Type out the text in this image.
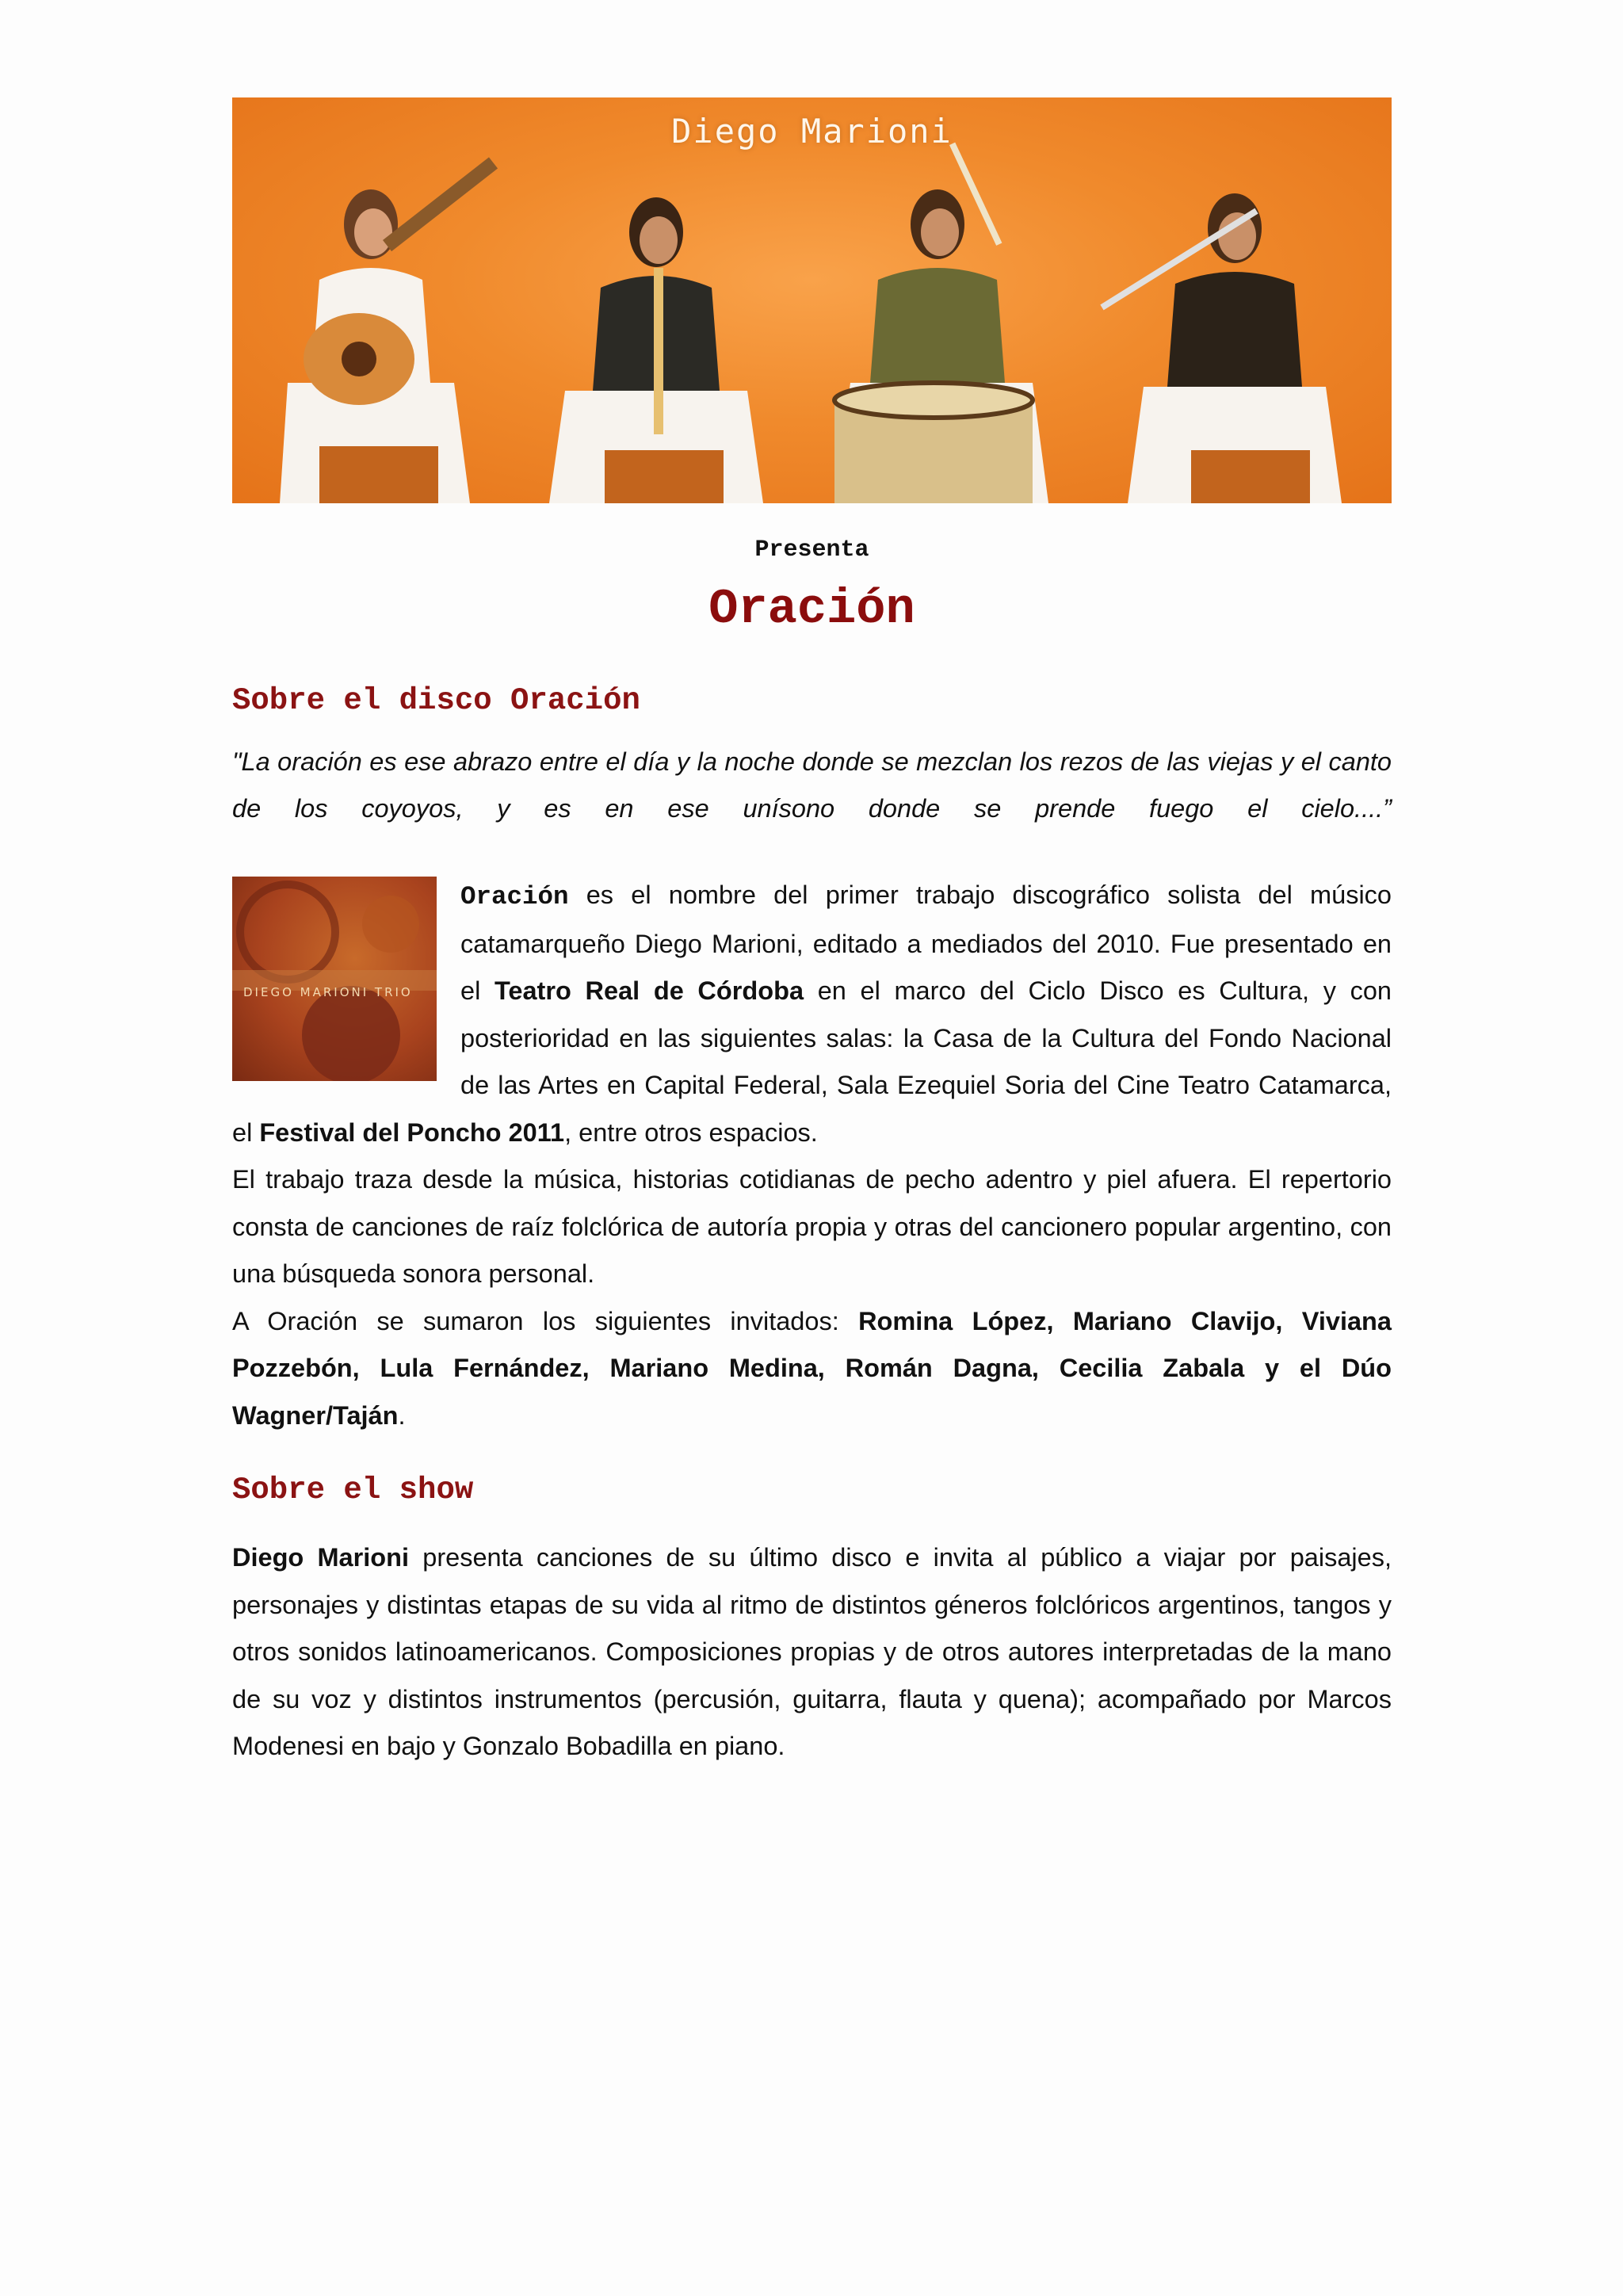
Diego Marioni
Presenta
Oración
Sobre el disco Oración
"La oración es ese abrazo entre el día y la noche donde se mezclan los rezos de las viejas y el canto de los coyoyos, y es en ese unísono donde se prende fuego el cielo....”
DIEGO MARIONI TRIO
Oración es el nombre del primer trabajo discográfico solista del músico catamarqueño Diego Marioni, editado a mediados del 2010. Fue presentado en el Teatro Real de Córdoba en el marco del Ciclo Disco es Cultura, y con posterioridad en las siguientes salas: la Casa de la Cultura del Fondo Nacional de las Artes en Capital Federal, Sala Ezequiel Soria del Cine Teatro Catamarca, el Festival del Poncho 2011, entre otros espacios.
El trabajo traza desde la música, historias cotidianas de pecho adentro y piel afuera. El repertorio consta de canciones de raíz folclórica de autoría propia y otras del cancionero popular argentino, con una búsqueda sonora personal.
A Oración se sumaron los siguientes invitados: Romina López, Mariano Clavijo, Viviana Pozzebón, Lula Fernández, Mariano Medina, Román Dagna, Cecilia Zabala y el Dúo Wagner/Taján.
Sobre el show
Diego Marioni presenta canciones de su último disco e invita al público a viajar por paisajes, personajes y distintas etapas de su vida al ritmo de distintos géneros folclóricos argentinos, tangos y otros sonidos latinoamericanos. Composiciones propias y de otros autores interpretadas de la mano de su voz y distintos instrumentos (percusión, guitarra, flauta y quena); acompañado por Marcos Modenesi en bajo y Gonzalo Bobadilla en piano.
